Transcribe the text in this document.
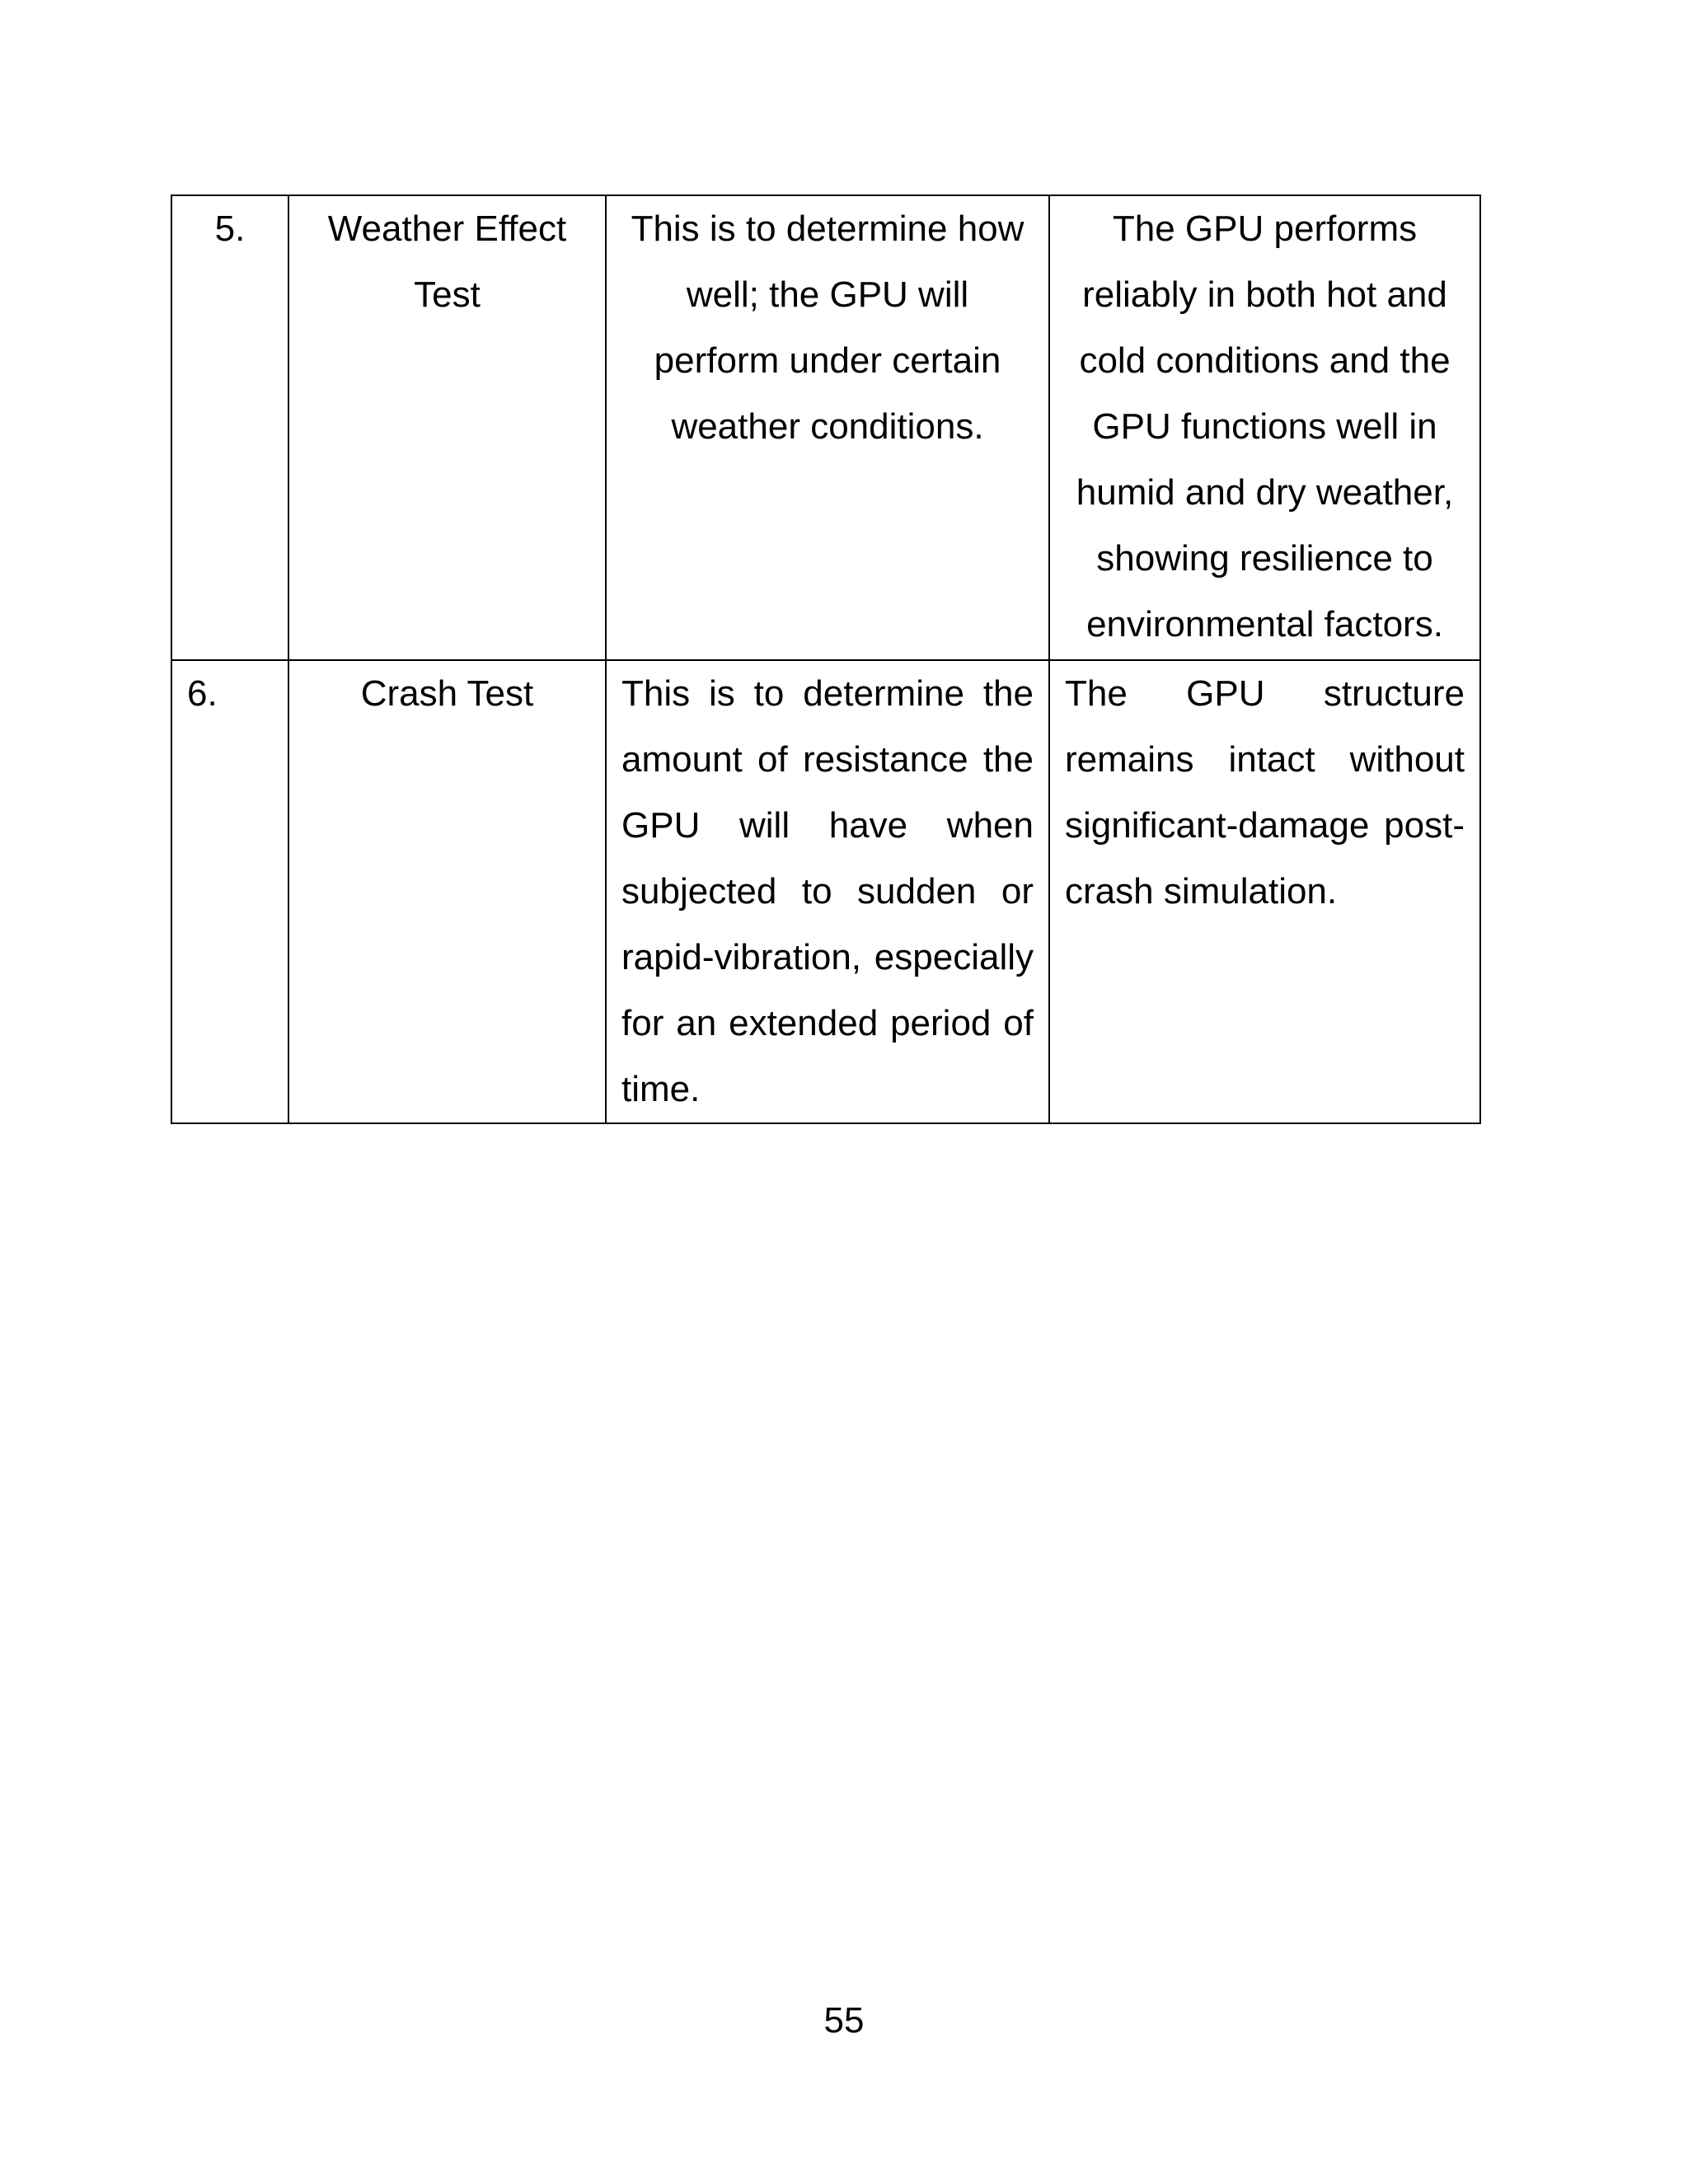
5.	Weather Effect Test	This is to determine how well; the GPU will perform under certain weather conditions.	The GPU performs reliably in both hot and cold conditions and the GPU functions well in humid and dry weather, showing resilience to environmental factors.
6.	Crash Test	This is to determine the amount of resistance the GPU will have when subjected to sudden or rapid-vibration, especially for an extended period of time.	The GPU structure remains intact without significant-damage post-crash simulation.
55
